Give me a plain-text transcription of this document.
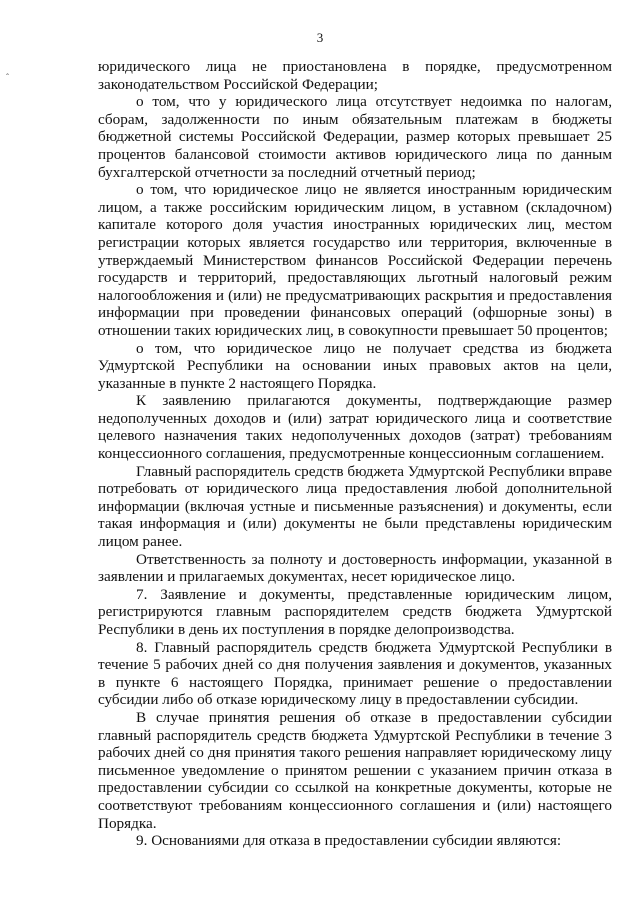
3
ˆ

юридического лица не приостановлена в порядке, предусмотренном законодательством Российской Федерации;

о том, что у юридического лица отсутствует недоимка по налогам, сборам, задолженности по иным обязательным платежам в бюджеты бюджетной системы Российской Федерации, размер которых превышает 25 процентов балансовой стоимости активов юридического лица по данным бухгалтерской отчетности за последний отчетный период;

о том, что юридическое лицо не является иностранным юридическим лицом, а также российским юридическим лицом, в уставном (складочном) капитале которого доля участия иностранных юридических лиц, местом регистрации которых является государство или территория, включенные в утверждаемый Министерством финансов Российской Федерации перечень государств и территорий, предоставляющих льготный налоговый режим налогообложения и (или) не предусматривающих раскрытия и предоставления информации при проведении финансовых операций (офшорные зоны) в отношении таких юридических лиц, в совокупности превышает 50 процентов;

о том, что юридическое лицо не получает средства из бюджета Удмуртской Республики на основании иных правовых актов на цели, указанные в пункте 2 настоящего Порядка.

К заявлению прилагаются документы, подтверждающие размер недополученных доходов и (или) затрат юридического лица и соответствие целевого назначения таких недополученных доходов (затрат) требованиям концессионного соглашения, предусмотренные концессионным соглашением.

Главный распорядитель средств бюджета Удмуртской Республики вправе потребовать от юридического лица предоставления любой дополнительной информации (включая устные и письменные разъяснения) и документы, если такая информация и (или) документы не были представлены юридическим лицом ранее.

Ответственность за полноту и достоверность информации, указанной в заявлении и прилагаемых документах, несет юридическое лицо.

7. Заявление и документы, представленные юридическим лицом, регистрируются главным распорядителем средств бюджета Удмуртской Республики в день их поступления в порядке делопроизводства.

8. Главный распорядитель средств бюджета Удмуртской Республики в течение 5 рабочих дней со дня получения заявления и документов, указанных в пункте 6 настоящего Порядка, принимает решение о предоставлении субсидии либо об отказе юридическому лицу в предоставлении субсидии.

В случае принятия решения об отказе в предоставлении субсидии главный распорядитель средств бюджета Удмуртской Республики в течение 3 рабочих дней со дня принятия такого решения направляет юридическому лицу письменное уведомление о принятом решении с указанием причин отказа в предоставлении субсидии со ссылкой на конкретные документы, которые не соответствуют требованиям концессионного соглашения и (или) настоящего Порядка.

9. Основаниями для отказа в предоставлении субсидии являются:
